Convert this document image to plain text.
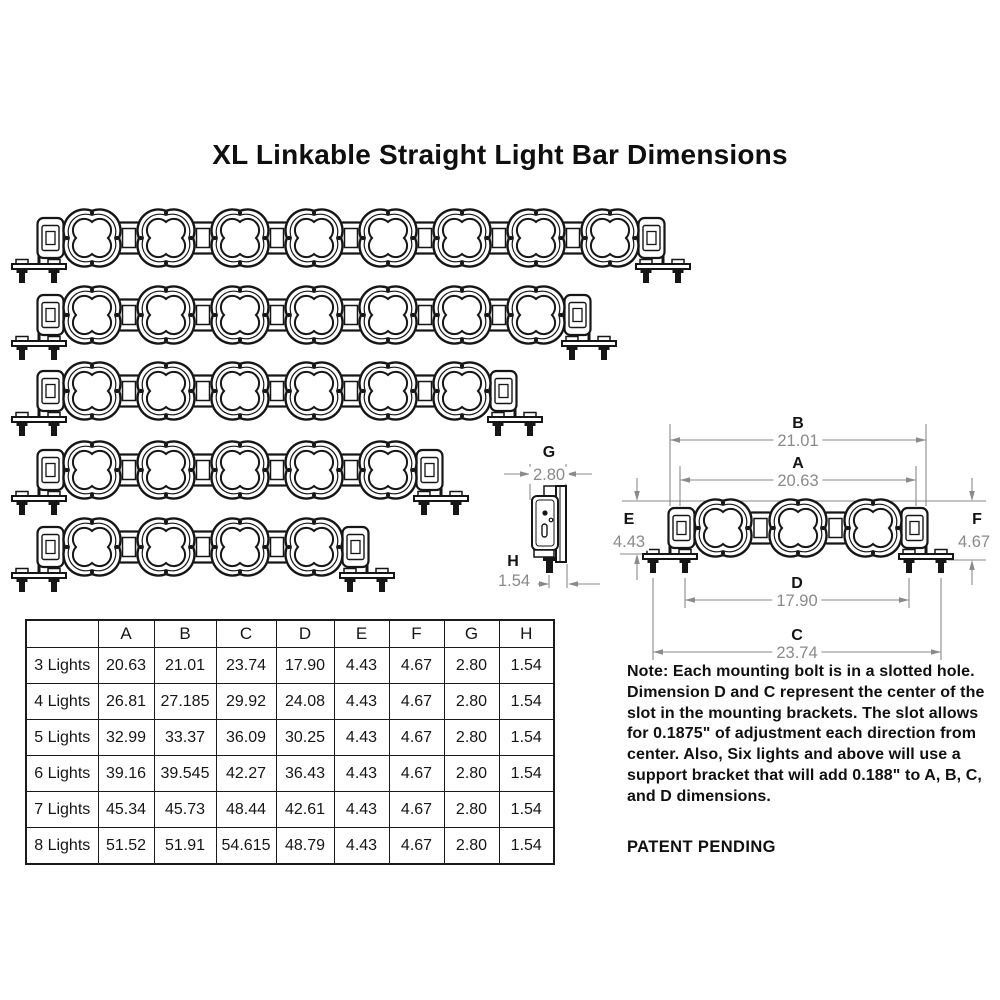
XL Linkable Straight Light Bar Dimensions
B
21.01
A
20.63
E
4.43
F
4.67
D
17.90
C
23.74
G
2.80
H
1.54
	A	B	C	D	E	F	G	H
3 Lights	20.63	21.01	23.74	17.90	4.43	4.67	2.80	1.54
4 Lights	26.81	27.185	29.92	24.08	4.43	4.67	2.80	1.54
5 Lights	32.99	33.37	36.09	30.25	4.43	4.67	2.80	1.54
6 Lights	39.16	39.545	42.27	36.43	4.43	4.67	2.80	1.54
7 Lights	45.34	45.73	48.44	42.61	4.43	4.67	2.80	1.54
8 Lights	51.52	51.91	54.615	48.79	4.43	4.67	2.80	1.54
Note: Each mounting bolt is in a slotted hole. Dimension D and C represent the center of the slot in the mounting brackets. The slot allows for 0.1875" of adjustment each direction from center. Also, Six lights and above will use a support bracket that will add 0.188" to A, B, C, and D dimensions.
PATENT PENDING
